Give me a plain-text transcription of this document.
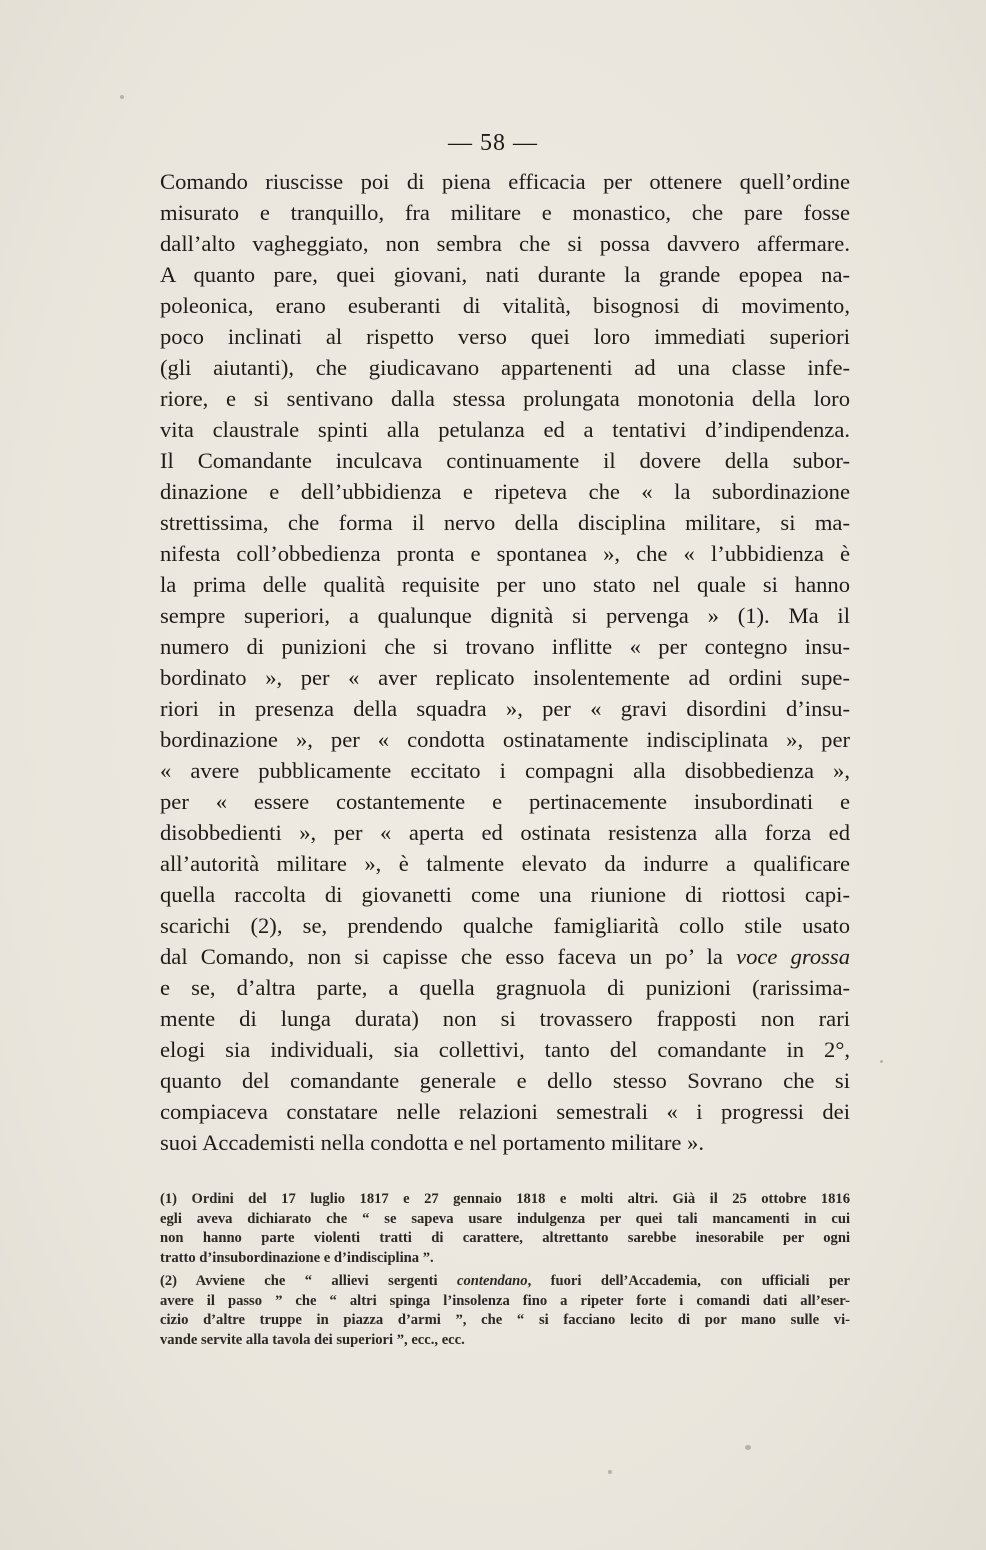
— 58 —
Comando riuscisse poi di piena efficacia per ottenere quell’ordine
misurato e tranquillo, fra militare e monastico, che pare fosse
dall’alto vagheggiato, non sembra che si possa davvero affermare.
A quanto pare, quei giovani, nati durante la grande epopea na-
poleonica, erano esuberanti di vitalità, bisognosi di movimento,
poco inclinati al rispetto verso quei loro immediati superiori
(gli aiutanti), che giudicavano appartenenti ad una classe infe-
riore, e si sentivano dalla stessa prolungata monotonia della loro
vita claustrale spinti alla petulanza ed a tentativi d’indipendenza.
Il Comandante inculcava continuamente il dovere della subor-
dinazione e dell’ubbidienza e ripeteva che « la subordinazione
strettissima, che forma il nervo della disciplina militare, si ma-
nifesta coll’obbedienza pronta e spontanea », che « l’ubbidienza è
la prima delle qualità requisite per uno stato nel quale si hanno
sempre superiori, a qualunque dignità si pervenga » (1). Ma il
numero di punizioni che si trovano inflitte « per contegno insu-
bordinato », per « aver replicato insolentemente ad ordini supe-
riori in presenza della squadra », per « gravi disordini d’insu-
bordinazione », per « condotta ostinatamente indisciplinata », per
« avere pubblicamente eccitato i compagni alla disobbedienza »,
per « essere costantemente e pertinacemente insubordinati e
disobbedienti », per « aperta ed ostinata resistenza alla forza ed
all’autorità militare », è talmente elevato da indurre a qualificare
quella raccolta di giovanetti come una riunione di riottosi capi-
scarichi (2), se, prendendo qualche famigliarità collo stile usato
dal Comando, non si capisse che esso faceva un po’ la voce grossa
e se, d’altra parte, a quella gragnuola di punizioni (rarissima-
mente di lunga durata) non si trovassero frapposti non rari
elogi sia individuali, sia collettivi, tanto del comandante in 2°,
quanto del comandante generale e dello stesso Sovrano che si
compiaceva constatare nelle relazioni semestrali « i progressi dei
suoi Accademisti nella condotta e nel portamento militare ».
(1) Ordini del 17 luglio 1817 e 27 gennaio 1818 e molti altri. Già il 25 ottobre 1816
egli aveva dichiarato che “ se sapeva usare indulgenza per quei tali mancamenti in cui
non hanno parte violenti tratti di carattere, altrettanto sarebbe inesorabile per ogni
tratto d’insubordinazione e d’indisciplina ”.
(2) Avviene che “ allievi sergenti contendano, fuori dell’Accademia, con ufficiali per
avere il passo ” che “ altri spinga l’insolenza fino a ripeter forte i comandi dati all’eser-
cizio d’altre truppe in piazza d’armi ”, che “ si facciano lecito di por mano sulle vi-
vande servite alla tavola dei superiori ”, ecc., ecc.
